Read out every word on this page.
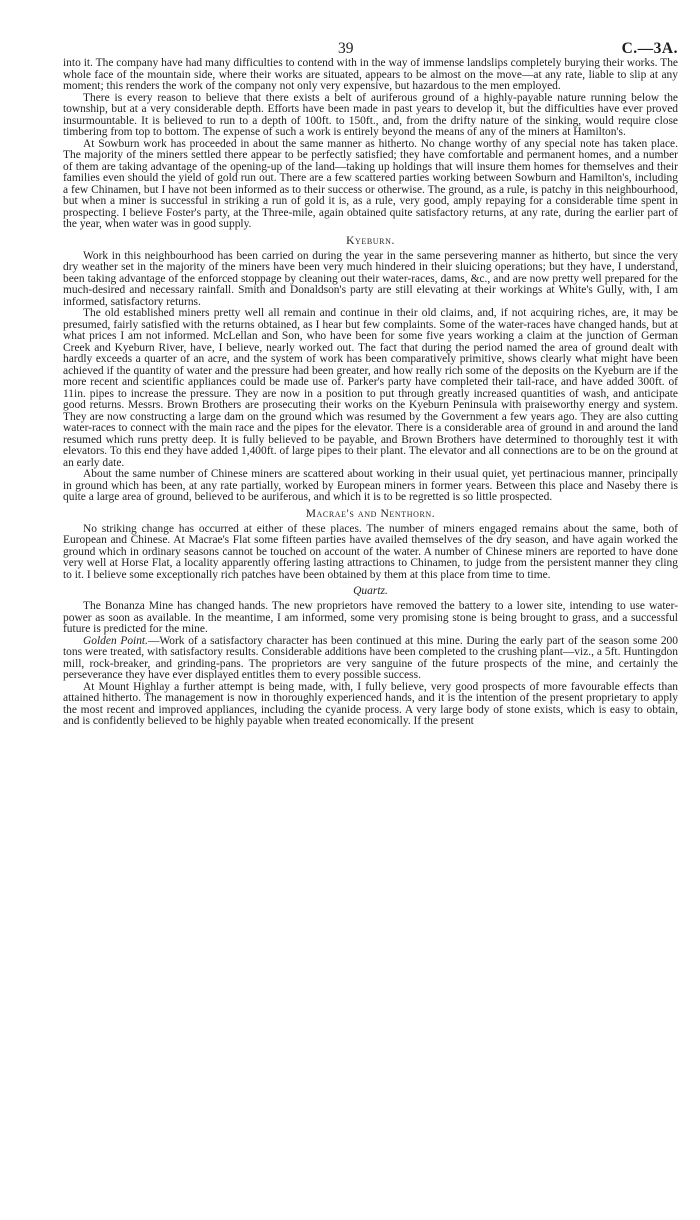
39	C.—3A.

into it. The company have had many difficulties to contend with in the way of immense landslips completely burying their works. The whole face of the mountain side, where their works are situated, appears to be almost on the move—at any rate, liable to slip at any moment; this renders the work of the company not only very expensive, but hazardous to the men employed.

There is every reason to believe that there exists a belt of auriferous ground of a highly-payable nature running below the township, but at a very considerable depth. Efforts have been made in past years to develop it, but the difficulties have ever proved insurmountable. It is believed to run to a depth of 100ft. to 150ft., and, from the drifty nature of the sinking, would require close timbering from top to bottom. The expense of such a work is entirely beyond the means of any of the miners at Hamilton's.

At Sowburn work has proceeded in about the same manner as hitherto. No change worthy of any special note has taken place. The majority of the miners settled there appear to be perfectly satisfied; they have comfortable and permanent homes, and a number of them are taking advantage of the opening-up of the land—taking up holdings that will insure them homes for themselves and their families even should the yield of gold run out. There are a few scattered parties working between Sowburn and Hamilton's, including a few Chinamen, but I have not been informed as to their success or otherwise. The ground, as a rule, is patchy in this neighbourhood, but when a miner is successful in striking a run of gold it is, as a rule, very good, amply repaying for a considerable time spent in prospecting. I believe Foster's party, at the Three-mile, again obtained quite satisfactory returns, at any rate, during the earlier part of the year, when water was in good supply.

Kyeburn.

Work in this neighbourhood has been carried on during the year in the same persevering manner as hitherto, but since the very dry weather set in the majority of the miners have been very much hindered in their sluicing operations; but they have, I understand, been taking advantage of the enforced stoppage by cleaning out their water-races, dams, &c., and are now pretty well prepared for the much-desired and necessary rainfall. Smith and Donaldson's party are still elevating at their workings at White's Gully, with, I am informed, satisfactory returns.

The old established miners pretty well all remain and continue in their old claims, and, if not acquiring riches, are, it may be presumed, fairly satisfied with the returns obtained, as I hear but few complaints. Some of the water-races have changed hands, but at what prices I am not informed. McLellan and Son, who have been for some five years working a claim at the junction of German Creek and Kyeburn River, have, I believe, nearly worked out. The fact that during the period named the area of ground dealt with hardly exceeds a quarter of an acre, and the system of work has been comparatively primitive, shows clearly what might have been achieved if the quantity of water and the pressure had been greater, and how really rich some of the deposits on the Kyeburn are if the more recent and scientific appliances could be made use of. Parker's party have completed their tail-race, and have added 300ft. of 11in. pipes to increase the pressure. They are now in a position to put through greatly increased quantities of wash, and anticipate good returns. Messrs. Brown Brothers are prosecuting their works on the Kyeburn Peninsula with praiseworthy energy and system. They are now constructing a large dam on the ground which was resumed by the Government a few years ago. They are also cutting water-races to connect with the main race and the pipes for the elevator. There is a considerable area of ground in and around the land resumed which runs pretty deep. It is fully believed to be payable, and Brown Brothers have determined to thoroughly test it with elevators. To this end they have added 1,400ft. of large pipes to their plant. The elevator and all connections are to be on the ground at an early date.

About the same number of Chinese miners are scattered about working in their usual quiet, yet pertinacious manner, principally in ground which has been, at any rate partially, worked by European miners in former years. Between this place and Naseby there is quite a large area of ground, believed to be auriferous, and which it is to be regretted is so little prospected.

Macrae's and Nenthorn.

No striking change has occurred at either of these places. The number of miners engaged remains about the same, both of European and Chinese. At Macrae's Flat some fifteen parties have availed themselves of the dry season, and have again worked the ground which in ordinary seasons cannot be touched on account of the water. A number of Chinese miners are reported to have done very well at Horse Flat, a locality apparently offering lasting attractions to Chinamen, to judge from the persistent manner they cling to it. I believe some exceptionally rich patches have been obtained by them at this place from time to time.

Quartz.

The Bonanza Mine has changed hands. The new proprietors have removed the battery to a lower site, intending to use water-power as soon as available. In the meantime, I am informed, some very promising stone is being brought to grass, and a successful future is predicted for the mine.

Golden Point.—Work of a satisfactory character has been continued at this mine. During the early part of the season some 200 tons were treated, with satisfactory results. Considerable additions have been completed to the crushing plant—viz., a 5ft. Huntingdon mill, rock-breaker, and grinding-pans. The proprietors are very sanguine of the future prospects of the mine, and certainly the perseverance they have ever displayed entitles them to every possible success.

At Mount Highlay a further attempt is being made, with, I fully believe, very good prospects of more favourable effects than attained hitherto. The management is now in thoroughly experienced hands, and it is the intention of the present proprietary to apply the most recent and improved appliances, including the cyanide process. A very large body of stone exists, which is easy to obtain, and is confidently believed to be highly payable when treated economically. If the present
